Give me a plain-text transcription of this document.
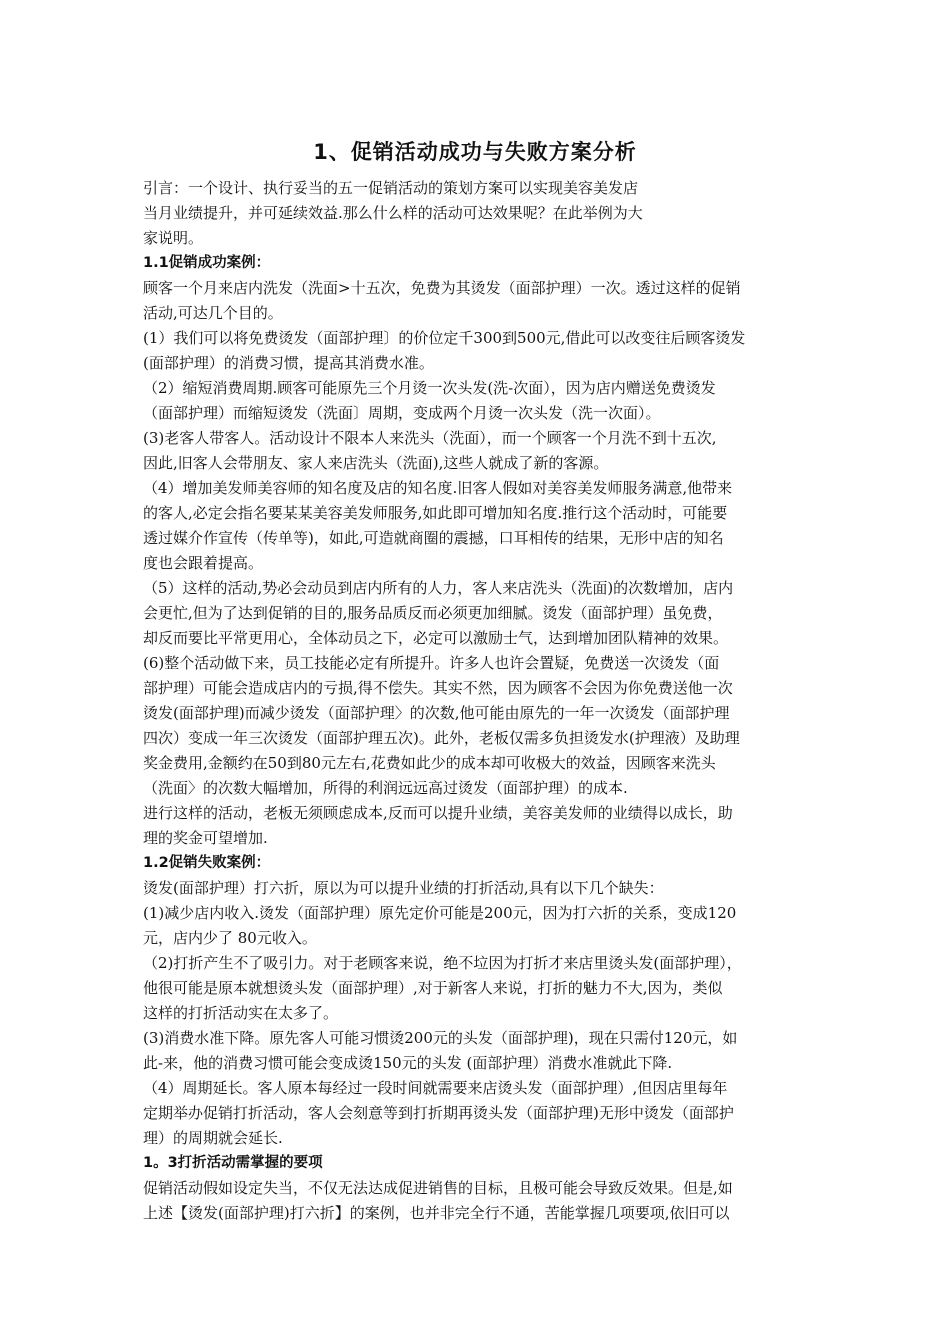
1、促销活动成功与失败方案分析
引言：一个设计、执行妥当的五一促销活动的策划方案可以实现美容美发店
当月业绩提升，并可延续效益.那么什么样的活动可达效果呢？在此举例为大
家说明。
1.1促销成功案例：
顾客一个月来店内洗发（洗面>十五次，免费为其烫发（面部护理）一次。透过这样的促销
活动,可达几个目的。
(1）我们可以将免费烫发（面部护理〕的价位定千300到500元,借此可以改变往后顾客烫发
(面部护理）的消费习惯，提高其消费水准。
（2）缩短消费周期.顾客可能原先三个月烫一次头发(洗-次面），因为店内赠送免费烫发
（面部护理）而缩短烫发（洗面〕周期，变成两个月烫一次头发（洗一次面）。
(3)老客人带客人。活动设计不限本人来洗头（洗面），而一个顾客一个月洗不到十五次,
因此,旧客人会带朋友、家人来店洗头（洗面),这些人就成了新的客源。
（4）增加美发师美容师的知名度及店的知名度.旧客人假如对美容美发师服务满意,他带来
的客人,必定会指名要某某美容美发师服务,如此即可增加知名度.推行这个活动时，可能要
透过媒介作宣传（传单等)，如此,可造就商圈的震撼，口耳相传的结果，无形中店的知名
度也会跟着提高。
（5）这样的活动,势必会动员到店内所有的人力，客人来店洗头（洗面)的次数增加，店内
会更忙,但为了达到促销的目的,服务品质反而必须更加细腻。烫发（面部护理）虽免费，
却反而要比平常更用心，全体动员之下，必定可以激励士气，达到增加团队精神的效果。
(6)整个活动做下来，员工技能必定有所提升。许多人也许会置疑，免费送一次烫发（面
部护理）可能会造成店内的亏损,得不偿失。其实不然，因为顾客不会因为你免费送他一次
烫发(面部护理)而减少烫发（面部护理〉的次数,他可能由原先的一年一次烫发（面部护理
四次）变成一年三次烫发（面部护理五次)。此外，老板仅需多负担烫发水(护理液）及助理
奖金费用,金额约在50到80元左右,花费如此少的成本却可收极大的效益，因顾客来洗头
（洗面〉的次数大幅增加，所得的利润远远高过烫发（面部护理）的成本.
进行这样的活动，老板无须顾虑成本,反而可以提升业绩，美容美发师的业绩得以成长，助
理的奖金可望增加.
1.2促销失败案例：
烫发(面部护理）打六折，原以为可以提升业绩的打折活动,具有以下几个缺失：
(1)减少店内收入.烫发（面部护理）原先定价可能是200元，因为打六折的关系，变成120
元，店内少了 80元收入。
（2)打折产生不了吸引力。对于老顾客来说，绝不垃因为打折才来店里烫头发(面部护理），
他很可能是原本就想烫头发（面部护理）,对于新客人来说，打折的魅力不大,因为，类似
这样的打折活动实在太多了。
(3)消费水准下降。原先客人可能习惯烫200元的头发（面部护理)，现在只需付120元，如
此-来，他的消费习惯可能会变成烫150元的头发 (面部护理）消费水准就此下降.
（4）周期延长。客人原本每经过一段时间就需要来店烫头发（面部护理）,但因店里每年
定期举办促销打折活动，客人会刻意等到打折期再烫头发（面部护理)无形中烫发（面部护
理）的周期就会延长.
1。3打折活动需掌握的要项
促销活动假如设定失当，不仅无法达成促进销售的目标，且极可能会导致反效果。但是,如
上述【烫发(面部护理)打六折】的案例，也并非完全行不通，苦能掌握几项要项,依旧可以
